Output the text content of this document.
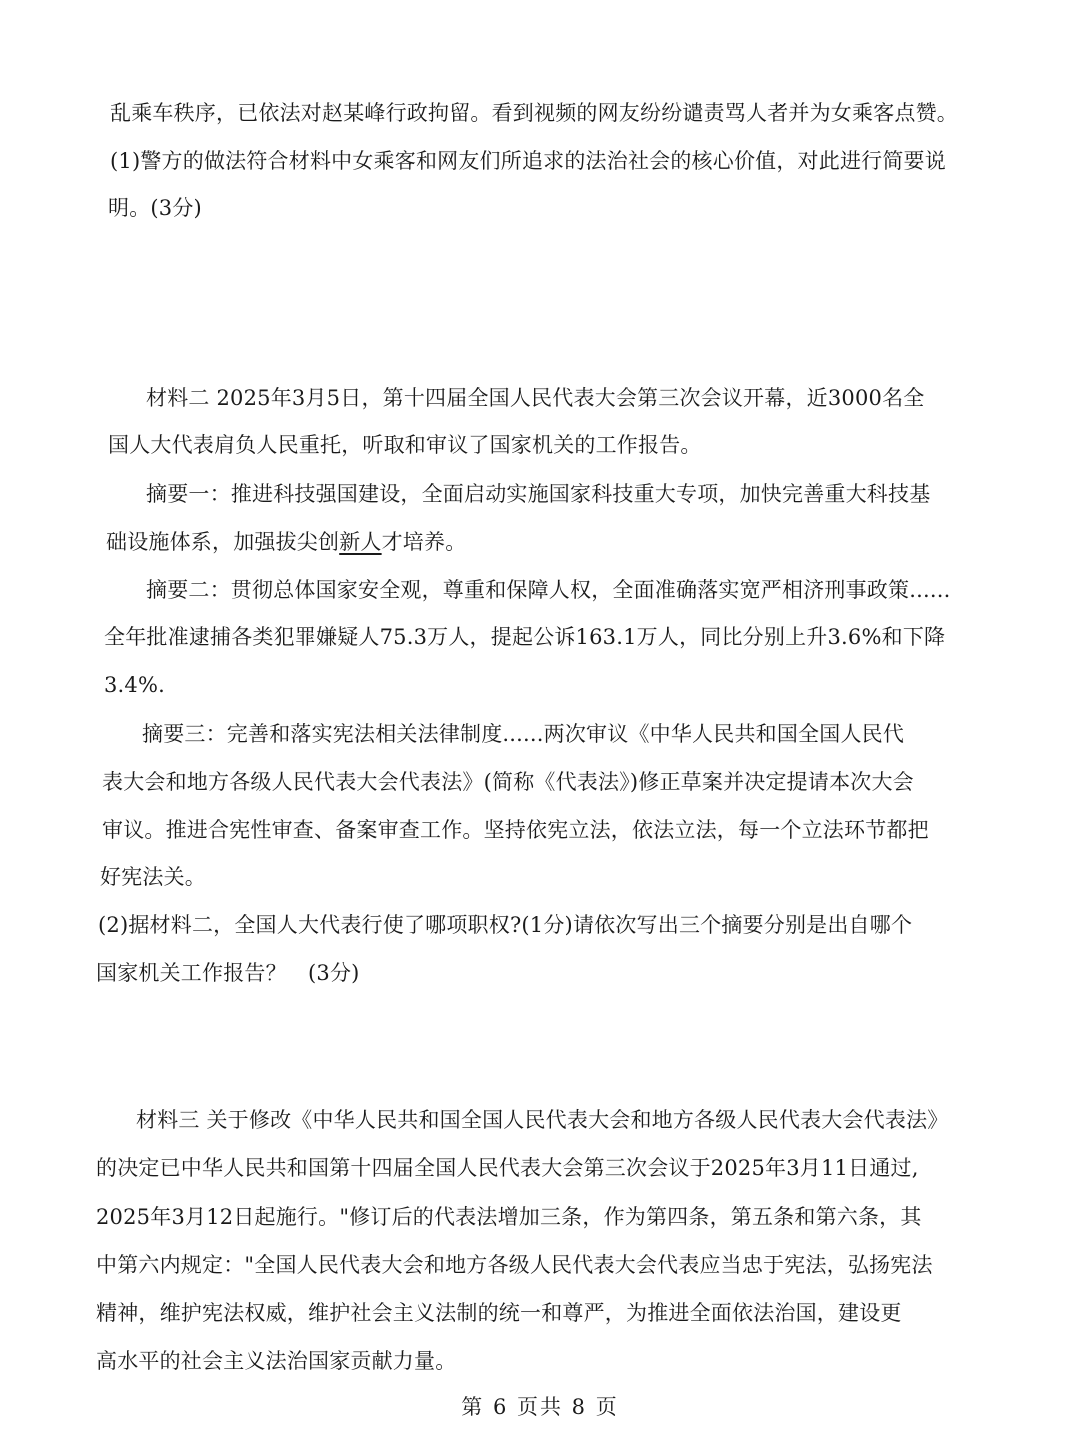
乱乘车秩序，已依法对赵某峰行政拘留。看到视频的网友纷纷谴责骂人者并为女乘客点赞。
(1)警方的做法符合材料中女乘客和网友们所追求的法治社会的核心价值，对此进行简要说
明。(3分)
材料二 2025年3月5日，第十四届全国人民代表大会第三次会议开幕，近3000名全
国人大代表肩负人民重托，听取和审议了国家机关的工作报告。
摘要一：推进科技强国建设，全面启动实施国家科技重大专项，加快完善重大科技基
础设施体系，加强拔尖创新人才培养。
摘要二：贯彻总体国家安全观，尊重和保障人权，全面准确落实宽严相济刑事政策......
全年批准逮捕各类犯罪嫌疑人75.3万人，提起公诉163.1万人，同比分别上升3.6%和下降
3.4%.
摘要三：完善和落实宪法相关法律制度......两次审议《中华人民共和国全国人民代
表大会和地方各级人民代表大会代表法》(简称《代表法》)修正草案并决定提请本次大会
审议。推进合宪性审查、备案审查工作。坚持依宪立法，依法立法，每一个立法环节都把
好宪法关。
(2)据材料二，全国人大代表行使了哪项职权?(1分)请依次写出三个摘要分别是出自哪个
国家机关工作报告？　(3分)
材料三 关于修改《中华人民共和国全国人民代表大会和地方各级人民代表大会代表法》
的决定已中华人民共和国第十四届全国人民代表大会第三次会议于2025年3月11日通过,
2025年3月12日起施行。"修订后的代表法增加三条，作为第四条，第五条和第六条，其
中第六内规定："全国人民代表大会和地方各级人民代表大会代表应当忠于宪法，弘扬宪法
精神，维护宪法权威，维护社会主义法制的统一和尊严，为推进全面依法治国，建设更
高水平的社会主义法治国家贡献力量。
第 6 页共 8 页
